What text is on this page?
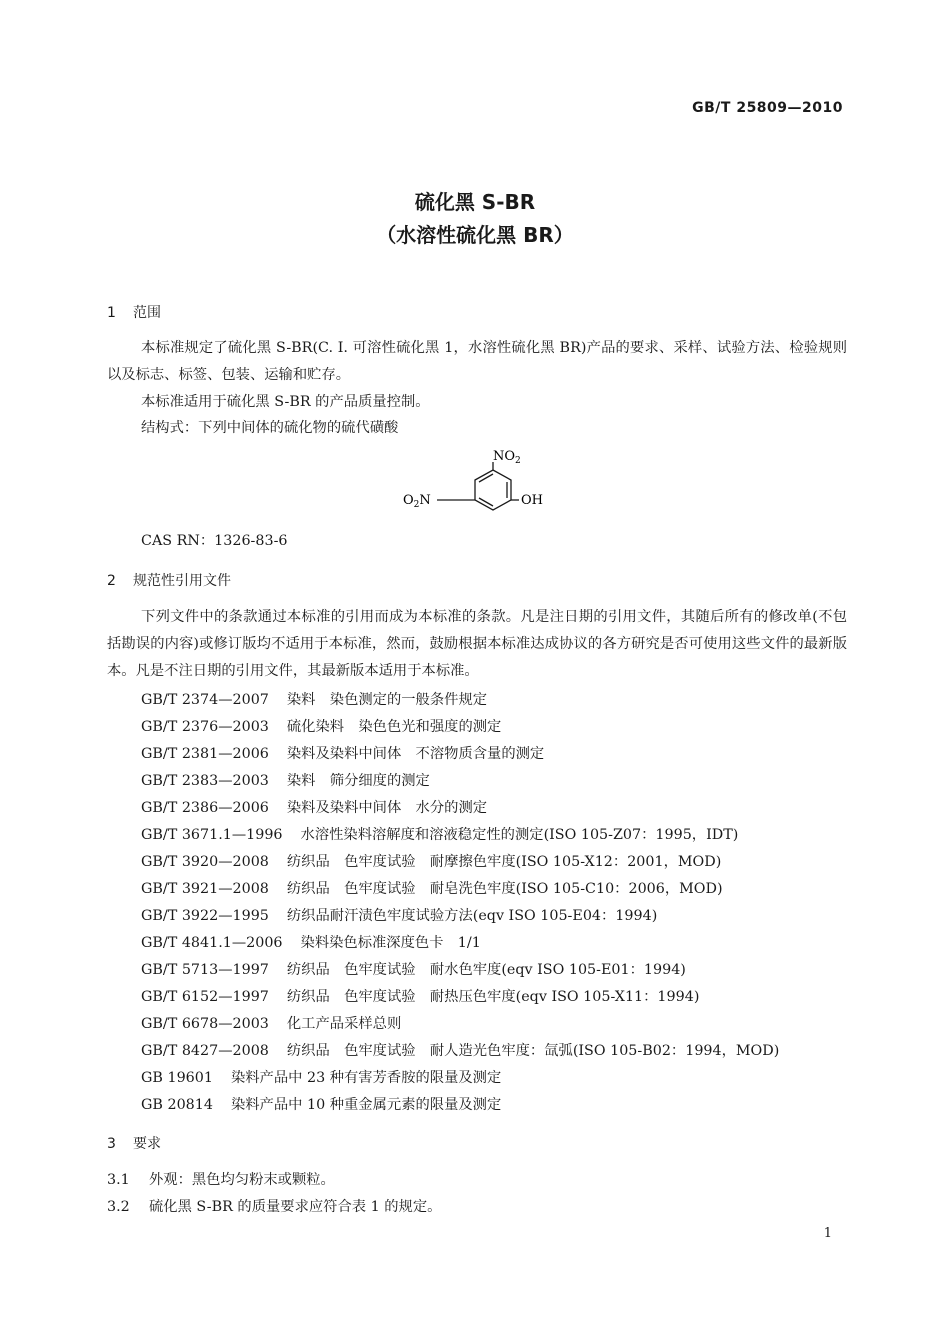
GB/T 25809—2010
硫化黑 S-BR
（水溶性硫化黑 BR）
1 范围
本标准规定了硫化黑 S-BR(C. I. 可溶性硫化黑 1，水溶性硫化黑 BR)产品的要求、采样、试验方法、检验规则以及标志、标签、包装、运输和贮存。
本标准适用于硫化黑 S-BR 的产品质量控制。
结构式：下列中间体的硫化物的硫代磺酸
$NO_2$
OH
$O_2N$
CAS RN：1326-83-6
2 规范性引用文件
下列文件中的条款通过本标准的引用而成为本标准的条款。凡是注日期的引用文件，其随后所有的修改单(不包括勘误的内容)或修订版均不适用于本标准，然而，鼓励根据本标准达成协议的各方研究是否可使用这些文件的最新版本。凡是不注日期的引用文件，其最新版本适用于本标准。
GB/T 2374—2007 染料　染色测定的一般条件规定
GB/T 2376—2003 硫化染料　染色色光和强度的测定
GB/T 2381—2006 染料及染料中间体　不溶物质含量的测定
GB/T 2383—2003 染料　筛分细度的测定
GB/T 2386—2006 染料及染料中间体　水分的测定
GB/T 3671.1—1996 水溶性染料溶解度和溶液稳定性的测定(ISO 105-Z07：1995，IDT)
GB/T 3920—2008 纺织品　色牢度试验　耐摩擦色牢度(ISO 105-X12：2001，MOD)
GB/T 3921—2008 纺织品　色牢度试验　耐皂洗色牢度(ISO 105-C10：2006，MOD)
GB/T 3922—1995 纺织品耐汗渍色牢度试验方法(eqv ISO 105-E04：1994)
GB/T 4841.1—2006 染料染色标准深度色卡　1/1
GB/T 5713—1997 纺织品　色牢度试验　耐水色牢度(eqv ISO 105-E01：1994)
GB/T 6152—1997 纺织品　色牢度试验　耐热压色牢度(eqv ISO 105-X11：1994)
GB/T 6678—2003 化工产品采样总则
GB/T 8427—2008 纺织品　色牢度试验　耐人造光色牢度：氙弧(ISO 105-B02：1994，MOD)
GB 19601 染料产品中 23 种有害芳香胺的限量及测定
GB 20814 染料产品中 10 种重金属元素的限量及测定
3 要求
3.1 外观：黑色均匀粉末或颗粒。
3.2 硫化黑 S-BR 的质量要求应符合表 1 的规定。
1
